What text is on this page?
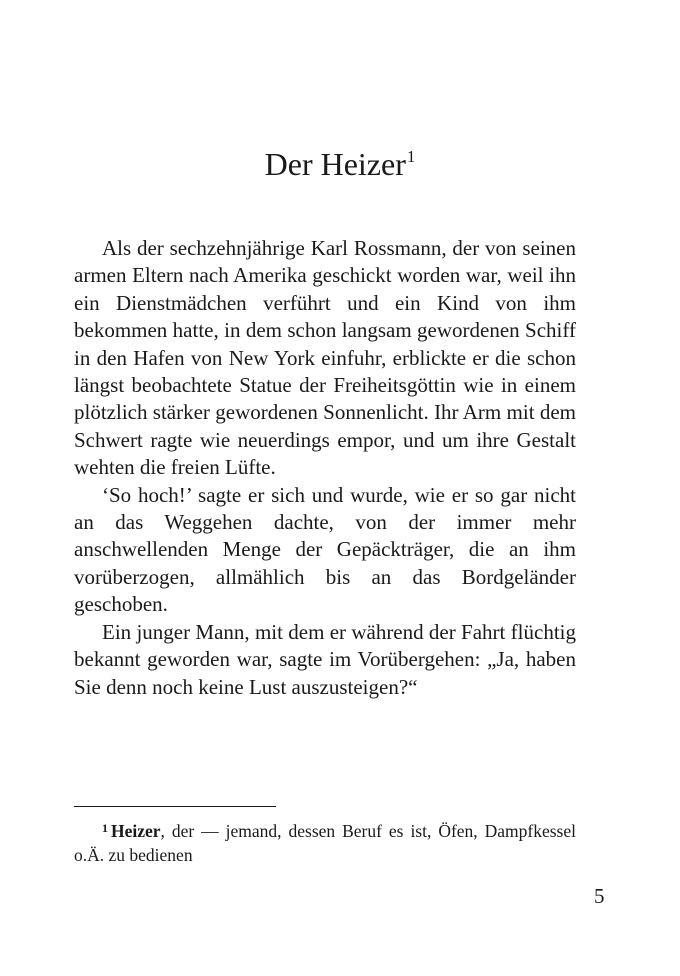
Der Heizer$^1$

Als der sechzehnjährige Karl Rossmann, der von seinen armen Eltern nach Amerika geschickt worden war, weil ihn ein Dienstmädchen verführt und ein Kind von ihm bekommen hatte, in dem schon langsam gewordenen Schiff in den Hafen von New York einfuhr, erblickte er die schon längst beobachtete Statue der Freiheitsgöttin wie in einem plötzlich stärker gewordenen Sonnenlicht. Ihr Arm mit dem Schwert ragte wie neuerdings empor, und um ihre Gestalt wehten die freien Lüfte.

‘So hoch!’ sagte er sich und wurde, wie er so gar nicht an das Weggehen dachte, von der immer mehr anschwellenden Menge der Gepäckträger, die an ihm vorüberzogen, allmählich bis an das Bordgeländer geschoben.

Ein junger Mann, mit dem er während der Fahrt flüchtig bekannt geworden war, sagte im Vorübergehen: „Ja, haben Sie denn noch keine Lust auszusteigen?“

$^1$ Heizer, der — jemand, dessen Beruf es ist, Öfen, Dampfkessel o.Ä. zu bedienen

5
